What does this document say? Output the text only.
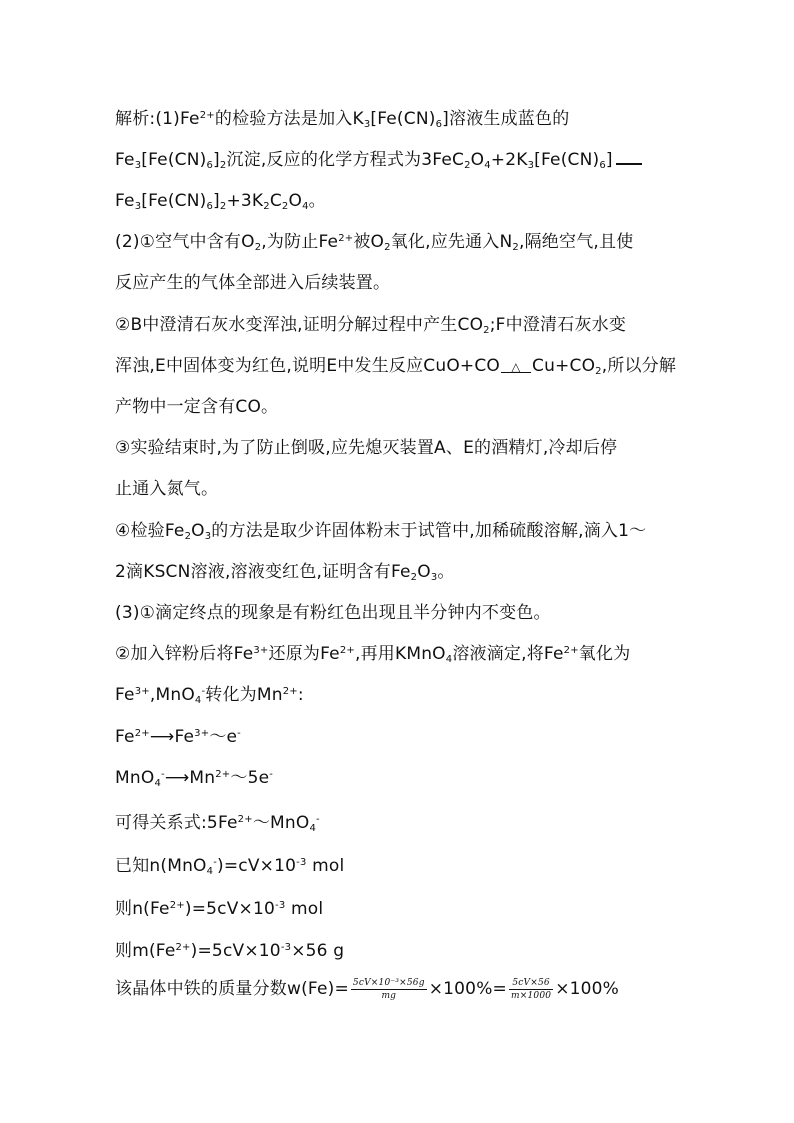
解析$:(1)Fe^{2+}$的检验方法是加入$K_3[Fe(CN)_6]$溶液生成蓝色的
$Fe_3[Fe(CN)_6]_2$沉淀,反应的化学方程式为$3FeC_2O_4+2K_3[Fe(CN)_6]$
$Fe_3[Fe(CN)_6]_2+3K_2C_2O_4$。
(2)①空气中含有$O_2$,为防止$Fe^{2+}$被$O_2$氧化,应先通入$N_2$,隔绝空气,且使
反应产生的气体全部进入后续装置。
②B中澄清石灰水变浑浊,证明分解过程中产生$CO_2;F$中澄清石灰水变
浑浊,E中固体变为红色,说明E中发生反应CuO+CO △ $Cu+CO_2$,所以分解
产物中一定含有CO。
③实验结束时,为了防止倒吸,应先熄灭装置A、E的酒精灯,冷却后停
止通入氮气。
④检验$Fe_2O_3$的方法是取少许固体粉末于试管中,加稀硫酸溶解,滴入1～
2滴KSCN溶液,溶液变红色,证明含有$Fe_2O_3$。
(3)①滴定终点的现象是有粉红色出现且半分钟内不变色。
②加入锌粉后将$Fe^{3+}$还原为$Fe^{2+}$,再用KMnO$_4$溶液滴定,将$Fe^{2+}$氧化为
$Fe^{3+},MnO_4^-$转化为$Mn^{2+}$:
$Fe^{2+}⟶Fe^{3+}\sim e^-$
$MnO_4^-⟶Mn^{2+}\sim 5e^-$
可得关系式$:5Fe^{2+}\sim MnO_4^-$
已知$n(MnO_4^-)=cV\times 10^{-3}$ mol
则$n(Fe^{2+})=5cV\times 10^{-3}$ mol
则$m(Fe^{2+})=5cV\times 10^{-3}\times 56$ g
该晶体中铁的质量分数$w(Fe)= \frac{\text{5cV×10⁻³×56g}}{mg} \times 100\%= \frac{5cV\times 56}{m\times 1000} \times 100\%$
